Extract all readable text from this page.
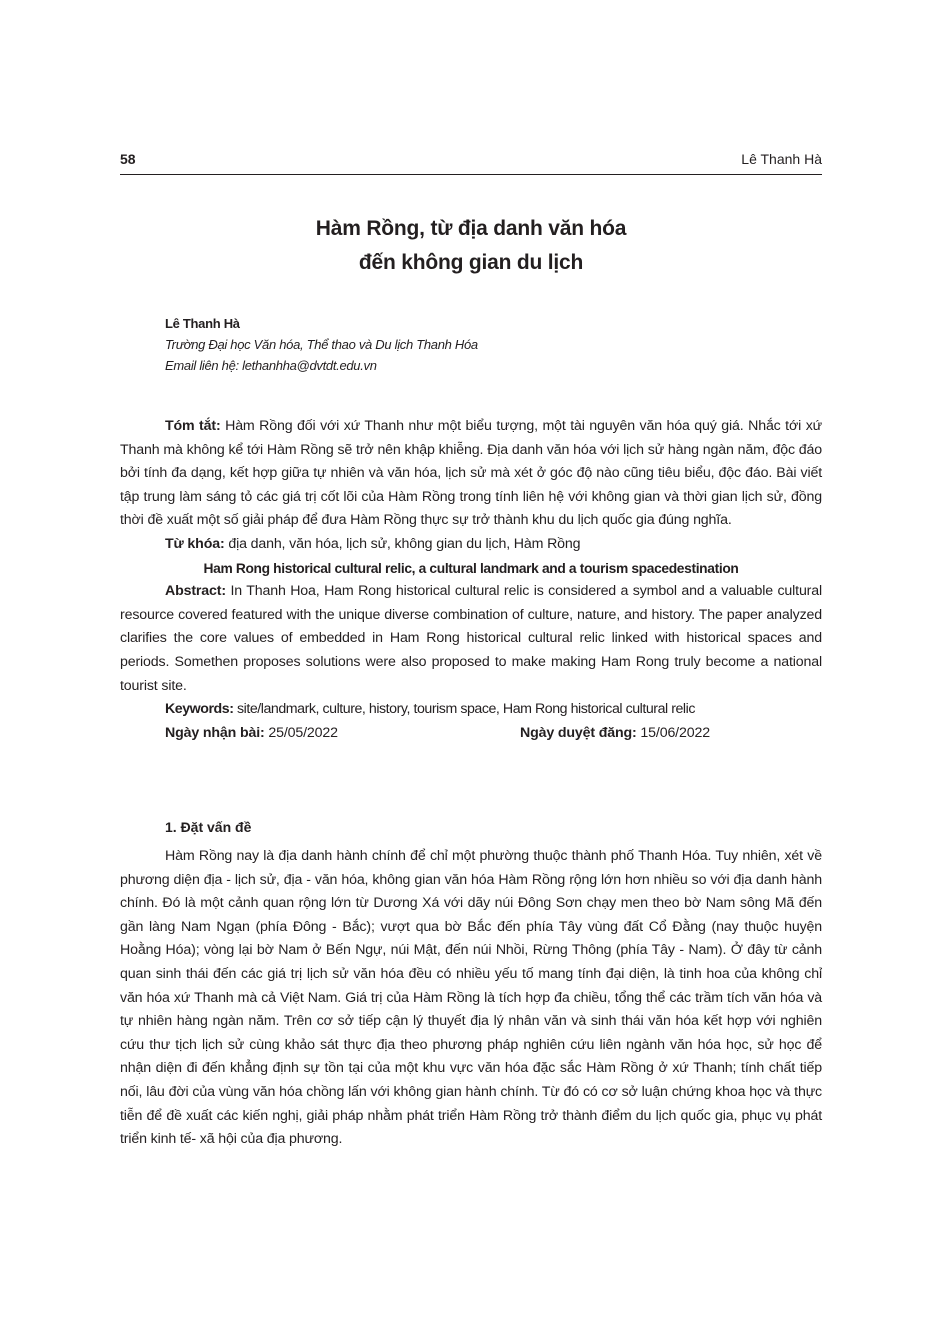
58	Lê Thanh Hà
Hàm Rồng, từ địa danh văn hóa
đến không gian du lịch
Lê Thanh Hà
Trường Đại học Văn hóa, Thể thao và Du lịch Thanh Hóa
Email liên hệ: lethanhha@dvtdt.edu.vn

Tóm tắt: Hàm Rồng đối với xứ Thanh như một biểu tượng, một tài nguyên văn hóa quý giá. Nhắc tới xứ Thanh mà không kể tới Hàm Rồng sẽ trở nên khập khiễng. Địa danh văn hóa với lịch sử hàng ngàn năm, độc đáo bởi tính đa dạng, kết hợp giữa tự nhiên và văn hóa, lịch sử mà xét ở góc độ nào cũng tiêu biểu, độc đáo. Bài viết tập trung làm sáng tỏ các giá trị cốt lõi của Hàm Rồng trong tính liên hệ với không gian và thời gian lịch sử, đồng thời đề xuất một số giải pháp để đưa Hàm Rồng thực sự trở thành khu du lịch quốc gia đúng nghĩa.

Từ khóa: địa danh, văn hóa, lịch sử, không gian du lịch, Hàm Rồng

Ham Rong historical cultural relic, a cultural landmark and a tourism spacedestination

Abstract: In Thanh Hoa, Ham Rong historical cultural relic is considered a symbol and a valuable cultural resource covered featured with the unique diverse combination of culture, nature, and history. The paper analyzed clarifies the core values of embedded in Ham Rong historical cultural relic linked with historical spaces and periods. Somethen proposes solutions were also proposed to make making Ham Rong truly become a national tourist site.

Keywords: site/landmark, culture, history, tourism space, Ham Rong historical cultural relic

Ngày nhận bài: 25/05/2022	Ngày duyệt đăng: 15/06/2022
1. Đặt vấn đề

Hàm Rồng nay là địa danh hành chính để chỉ một phường thuộc thành phố Thanh Hóa. Tuy nhiên, xét về phương diện địa - lịch sử, địa - văn hóa, không gian văn hóa Hàm Rồng rộng lớn hơn nhiều so với địa danh hành chính. Đó là một cảnh quan rộng lớn từ Dương Xá với dãy núi Đông Sơn chạy men theo bờ Nam sông Mã đến gần làng Nam Ngạn (phía Đông - Bắc); vượt qua bờ Bắc đến phía Tây vùng đất Cổ Đằng (nay thuộc huyện Hoằng Hóa); vòng lại bờ Nam ở Bến Ngự, núi Mật, đến núi Nhồi, Rừng Thông (phía Tây - Nam). Ở đây từ cảnh quan sinh thái đến các giá trị lịch sử văn hóa đều có nhiều yếu tố mang tính đại diện, là tinh hoa của không chỉ văn hóa xứ Thanh mà cả Việt Nam. Giá trị của Hàm Rồng là tích hợp đa chiều, tổng thể các trầm tích văn hóa và tự nhiên hàng ngàn năm. Trên cơ sở tiếp cận lý thuyết địa lý nhân văn và sinh thái văn hóa kết hợp với nghiên cứu thư tịch lịch sử cùng khảo sát thực địa theo phương pháp nghiên cứu liên ngành văn hóa học, sử học để nhận diện đi đến khẳng định sự tồn tại của một khu vực văn hóa đặc sắc Hàm Rồng ở xứ Thanh; tính chất tiếp nối, lâu đời của vùng văn hóa chồng lấn với không gian hành chính. Từ đó có cơ sở luận chứng khoa học và thực tiễn để đề xuất các kiến nghị, giải pháp nhằm phát triển Hàm Rồng trở thành điểm du lịch quốc gia, phục vụ phát triển kinh tế- xã hội của địa phương.
